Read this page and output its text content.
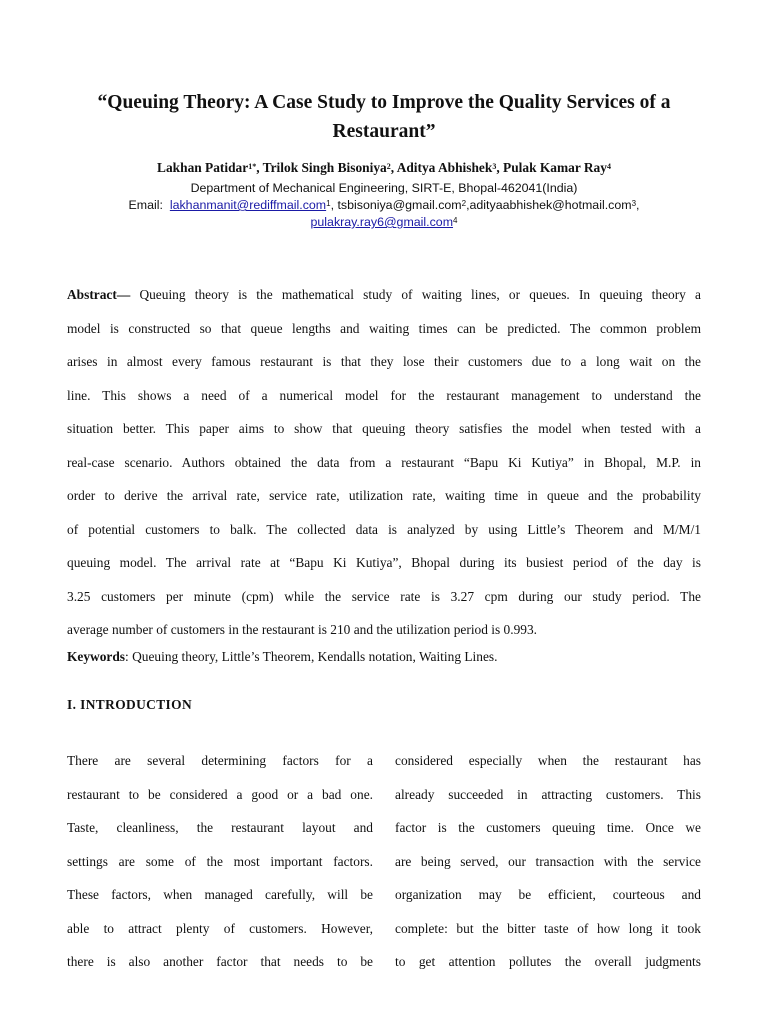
“Queuing Theory: A Case Study to Improve the Quality Services of a
Restaurant”
Lakhan Patidar$^{1*}$, Trilok Singh Bisoniya$^2$, Aditya Abhishek$^3$, Pulak Kamar Ray$^4$
Department of Mechanical Engineering, SIRT-E, Bhopal-462041(India)
Email: lakhanmanit@rediffmail.com$^1$, tsbisoniya@gmail.com$^2$,adityaabhishek@hotmail.com$^3$,
pulakray.ray6@gmail.com$^4$
Abstract— Queuing theory is the mathematical study of waiting lines, or queues. In queuing theory a
model is constructed so that queue lengths and waiting times can be predicted. The common problem
arises in almost every famous restaurant is that they lose their customers due to a long wait on the
line. This shows a need of a numerical model for the restaurant management to understand the
situation better. This paper aims to show that queuing theory satisfies the model when tested with a
real-case scenario. Authors obtained the data from a restaurant “Bapu Ki Kutiya” in Bhopal, M.P. in
order to derive the arrival rate, service rate, utilization rate, waiting time in queue and the probability
of potential customers to balk. The collected data is analyzed by using Little’s Theorem and M/M/1
queuing model. The arrival rate at “Bapu Ki Kutiya”, Bhopal during its busiest period of the day is
3.25 customers per minute (cpm) while the service rate is 3.27 cpm during our study period. The
average number of customers in the restaurant is 210 and the utilization period is 0.993.
Keywords: Queuing theory, Little’s Theorem, Kendalls notation, Waiting Lines.
I. INTRODUCTION
There are several determining factors for a
restaurant to be considered a good or a bad one.
Taste, cleanliness, the restaurant layout and
settings are some of the most important factors.
These factors, when managed carefully, will be
able to attract plenty of customers. However,
there is also another factor that needs to be
considered especially when the restaurant has
already succeeded in attracting customers. This
factor is the customers queuing time. Once we
are being served, our transaction with the service
organization may be efficient, courteous and
complete: but the bitter taste of how long it took
to get attention pollutes the overall judgments
